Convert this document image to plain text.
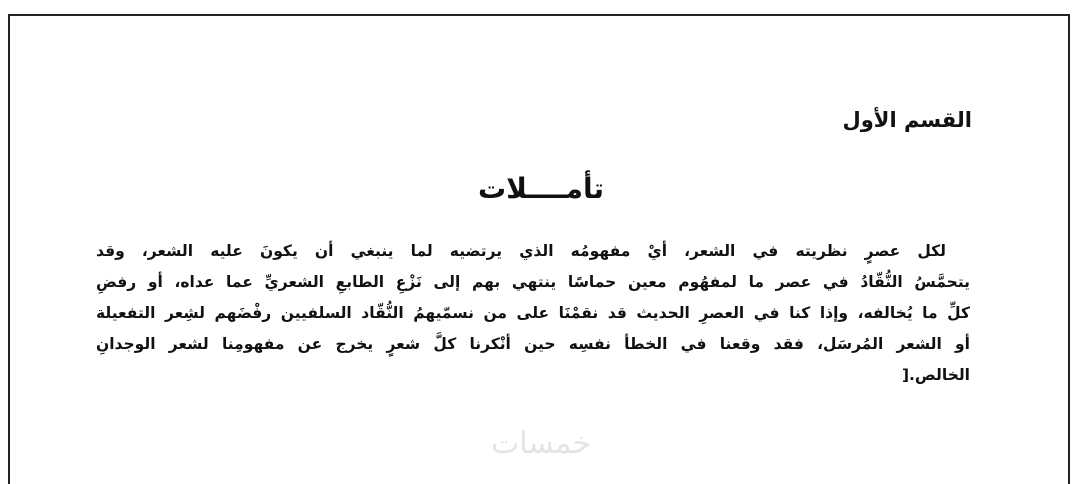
القسم الأول
تأمــــلات
لكل عصرٍ نظريته في الشعر، أيْ مفهومُه الذي يرتضيه لما ينبغي أن يكونَ عليه الشعر، وقد
يتحمَّسُ النُّقّادُ في عصر ما لمفهُوم معين حماسًا ينتهي بهم إلى نَزْعِ الطابعِ الشعريِّ عما عداه، أو رفضِ
كلِّ ما يُخالفه، وإذا كنا في العصرِ الحديث قد نقمْنَا على من نسمّيهمُ النُّقّاد السلفيين رفْضَهم لشِعر التفعيلة
أو الشعر المُرسَل، فقد وقعنا في الخطأ نفسِه حين أنْكرنا كلَّ شعرٍ يخرج عن مفهومِنا لشعر الوجدانِ
الخالص.[
خمسات
